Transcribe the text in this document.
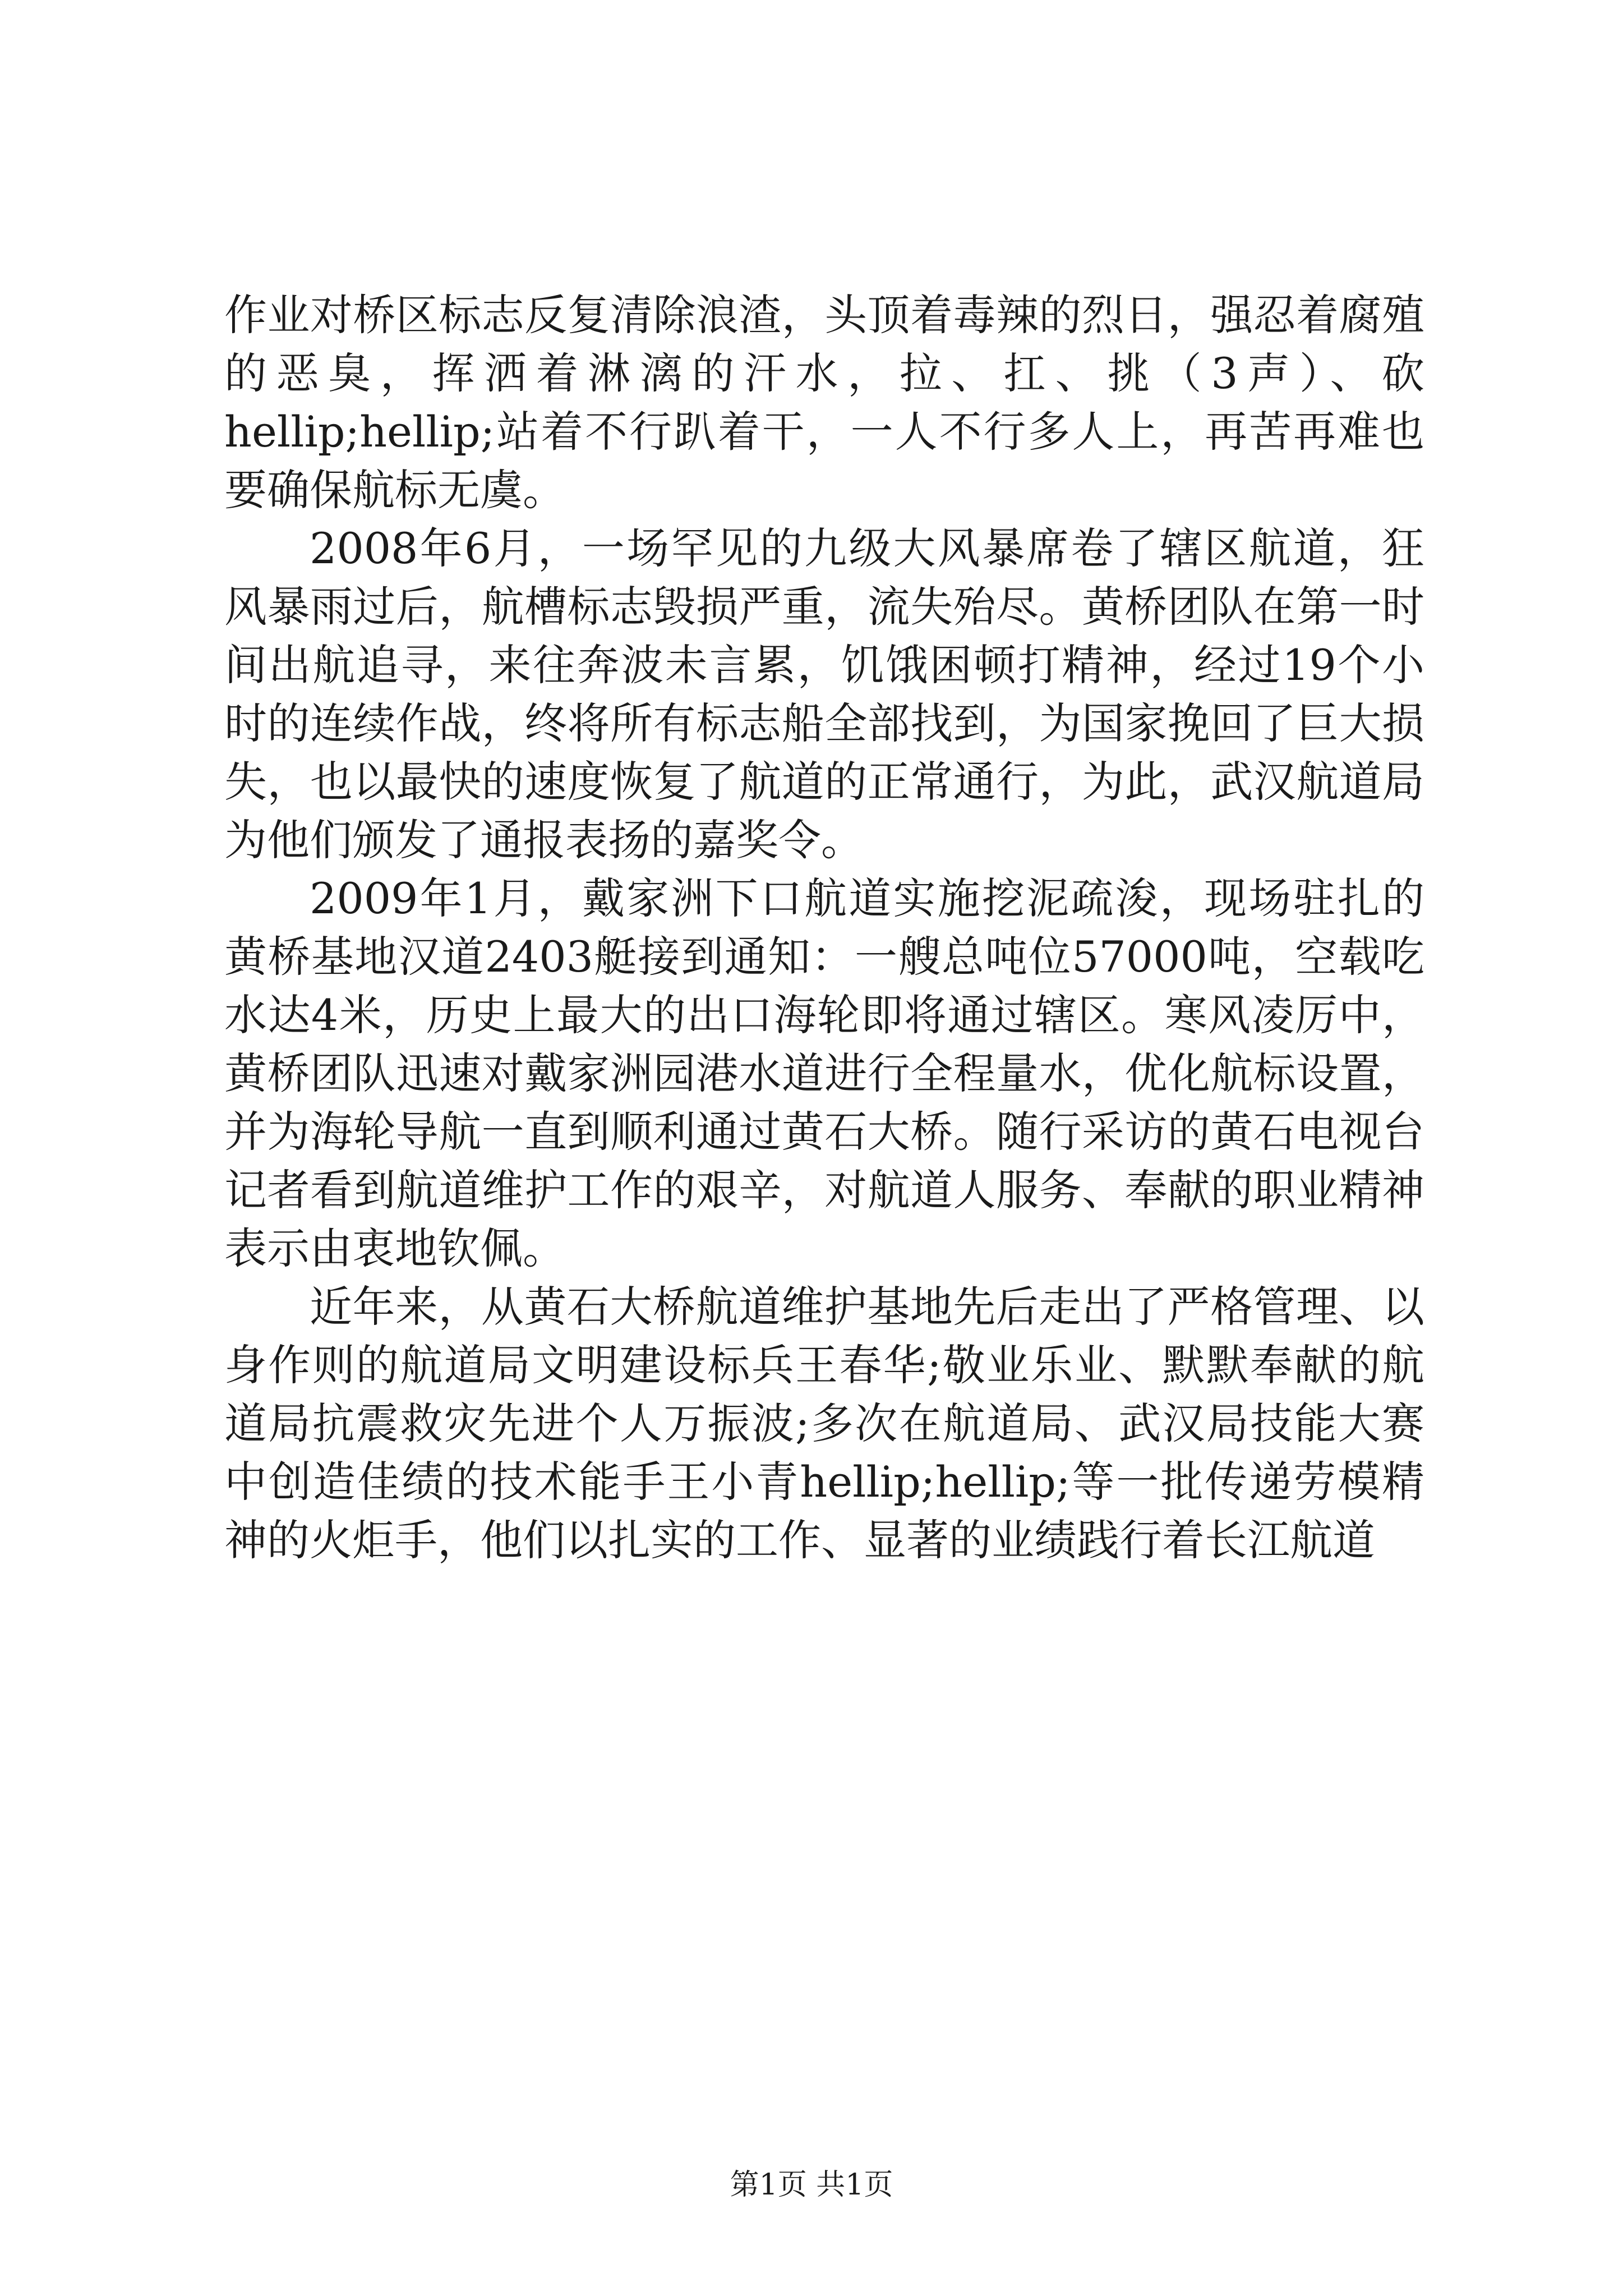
作业对桥区标志反复清除浪渣，头顶着毒辣的烈日，强忍着腐殖的恶臭，挥洒着淋漓的汗水，拉、扛、挑（3声）、砍hellip;hellip;站着不行趴着干，一人不行多人上，再苦再难也要确保航标无虞。

2008年6月，一场罕见的九级大风暴席卷了辖区航道，狂风暴雨过后，航槽标志毁损严重，流失殆尽。黄桥团队在第一时间出航追寻，来往奔波未言累，饥饿困顿打精神，经过19个小时的连续作战，终将所有标志船全部找到，为国家挽回了巨大损失，也以最快的速度恢复了航道的正常通行，为此，武汉航道局为他们颁发了通报表扬的嘉奖令。

2009年1月，戴家洲下口航道实施挖泥疏浚，现场驻扎的黄桥基地汉道2403艇接到通知：一艘总吨位57000吨，空载吃水达4米，历史上最大的出口海轮即将通过辖区。寒风凌厉中，黄桥团队迅速对戴家洲园港水道进行全程量水，优化航标设置，并为海轮导航一直到顺利通过黄石大桥。随行采访的黄石电视台记者看到航道维护工作的艰辛，对航道人服务、奉献的职业精神表示由衷地钦佩。

近年来，从黄石大桥航道维护基地先后走出了严格管理、以身作则的航道局文明建设标兵王春华;敬业乐业、默默奉献的航道局抗震救灾先进个人万振波;多次在航道局、武汉局技能大赛中创造佳绩的技术能手王小青hellip;hellip;等一批传递劳模精神的火炬手，他们以扎实的工作、显著的业绩践行着长江航道

第1页 共1页
